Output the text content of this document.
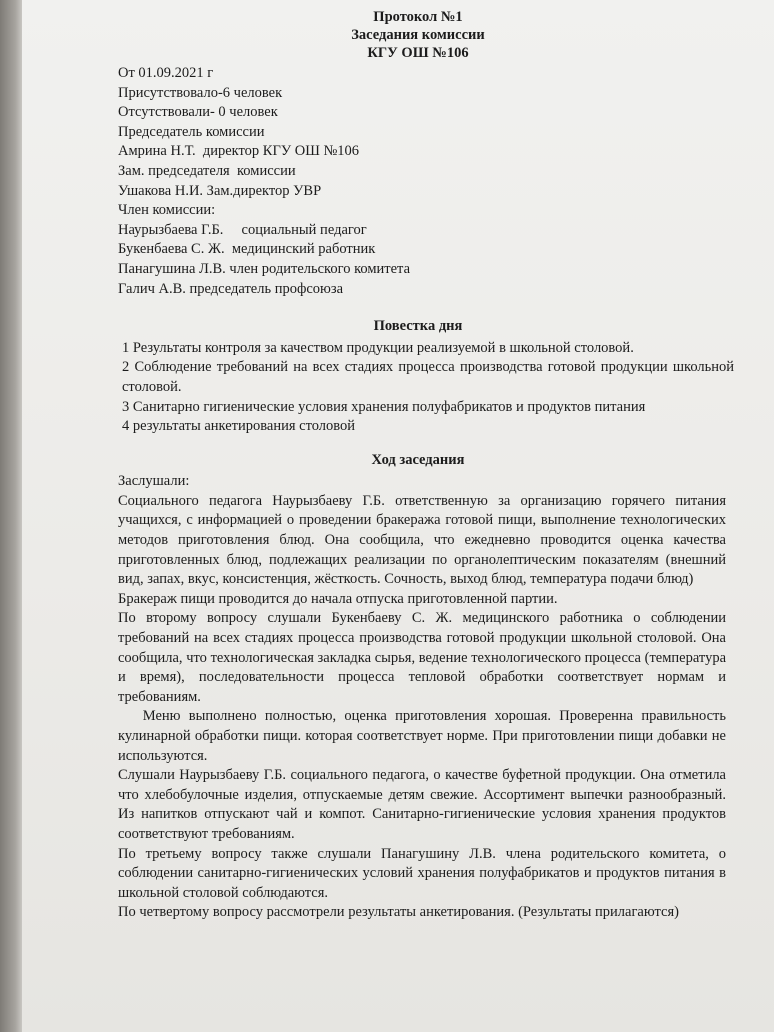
Протокол №1
Заседания комиссии
КГУ ОШ №106
От 01.09.2021 г
Присутствовало-6 человек
Отсутствовали- 0 человек
Председатель комиссии
Амрина Н.Т.  директор КГУ ОШ №106
Зам. председателя  комиссии
Ушакова Н.И. Зам.директор УВР
Член комиссии:
Наурызбаева Г.Б.     социальный педагог
Букенбаева С. Ж.  медицинский работник
Панагушина Л.В. член родительского комитета
Галич А.В. председатель профсоюза
Повестка дня
1 Результаты контроля за качеством продукции реализуемой в школьной столовой.
2 Соблюдение требований на всех стадиях процесса производства готовой продукции школьной столовой.
3 Санитарно гигиенические условия хранения полуфабрикатов и продуктов питания
4 результаты анкетирования столовой
Ход заседания
Заслушали:
Социального педагога Наурызбаеву Г.Б. ответственную за организацию горячего питания учащихся, с информацией о проведении бракеража готовой пищи, выполнение технологических методов приготовления блюд. Она сообщила, что ежедневно проводится оценка качества приготовленных блюд, подлежащих реализации по органолептическим показателям (внешний вид, запах, вкус, консистенция, жёсткость. Сочность, выход блюд, температура подачи блюд)
Бракераж пищи проводится до начала отпуска приготовленной партии.
По второму вопросу слушали Букенбаеву С. Ж. медицинского работника о соблюдении требований на всех стадиях процесса производства готовой продукции школьной столовой. Она сообщила, что технологическая закладка сырья, ведение технологического процесса (температура и время), последовательности процесса тепловой обработки соответствует нормам и требованиям.
Меню выполнено полностью, оценка приготовления хорошая. Проверенна правильность кулинарной обработки пищи. которая соответствует норме. При приготовлении пищи добавки не используются.
Слушали Наурызбаеву Г.Б. социального педагога, о качестве буфетной продукции. Она отметила что хлебобулочные изделия, отпускаемые детям свежие. Ассортимент выпечки разнообразный. Из напитков отпускают чай и компот. Санитарно-гигиенические условия хранения продуктов соответствуют требованиям.
По третьему вопросу также слушали Панагушину Л.В. члена родительского комитета, о соблюдении санитарно-гигиенических условий хранения полуфабрикатов и продуктов питания в школьной столовой соблюдаются.
По четвертому вопросу рассмотрели результаты анкетирования. (Результаты прилагаются)
